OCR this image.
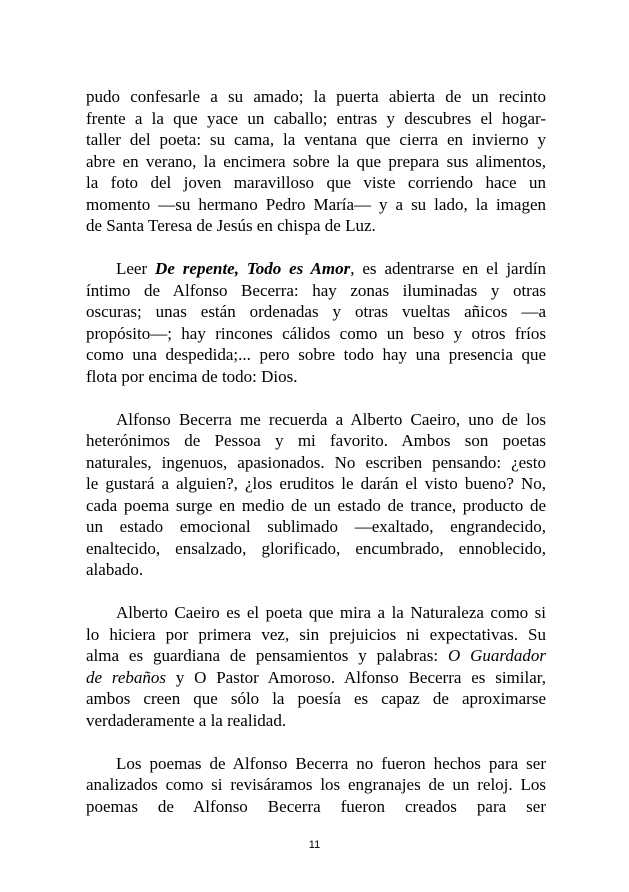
pudo confesarle a su amado; la puerta abierta de un recinto
frente a la que yace un caballo; entras y descubres el hogar-
taller del poeta: su cama, la ventana que cierra en invierno y
abre en verano, la encimera sobre la que prepara sus alimentos,
la foto del joven maravilloso que viste corriendo hace un
momento —su hermano Pedro María— y a su lado, la imagen
de Santa Teresa de Jesús en chispa de Luz.
Leer De repente, Todo es Amor, es adentrarse en el jardín
íntimo de Alfonso Becerra: hay zonas iluminadas y otras
oscuras; unas están ordenadas y otras vueltas añicos —a
propósito—; hay rincones cálidos como un beso y otros fríos
como una despedida;... pero sobre todo hay una presencia que
flota por encima de todo: Dios.
Alfonso Becerra me recuerda a Alberto Caeiro, uno de los
heterónimos de Pessoa y mi favorito. Ambos son poetas
naturales, ingenuos, apasionados. No escriben pensando: ¿esto
le gustará a alguien?, ¿los eruditos le darán el visto bueno? No,
cada poema surge en medio de un estado de trance, producto de
un estado emocional sublimado —exaltado, engrandecido,
enaltecido, ensalzado, glorificado, encumbrado, ennoblecido,
alabado.
Alberto Caeiro es el poeta que mira a la Naturaleza como si
lo hiciera por primera vez, sin prejuicios ni expectativas. Su
alma es guardiana de pensamientos y palabras: O Guardador
de rebaños y O Pastor Amoroso. Alfonso Becerra es similar,
ambos creen que sólo la poesía es capaz de aproximarse
verdaderamente a la realidad.
Los poemas de Alfonso Becerra no fueron hechos para ser
analizados como si revisáramos los engranajes de un reloj. Los
poemas de Alfonso Becerra fueron creados para ser
11
